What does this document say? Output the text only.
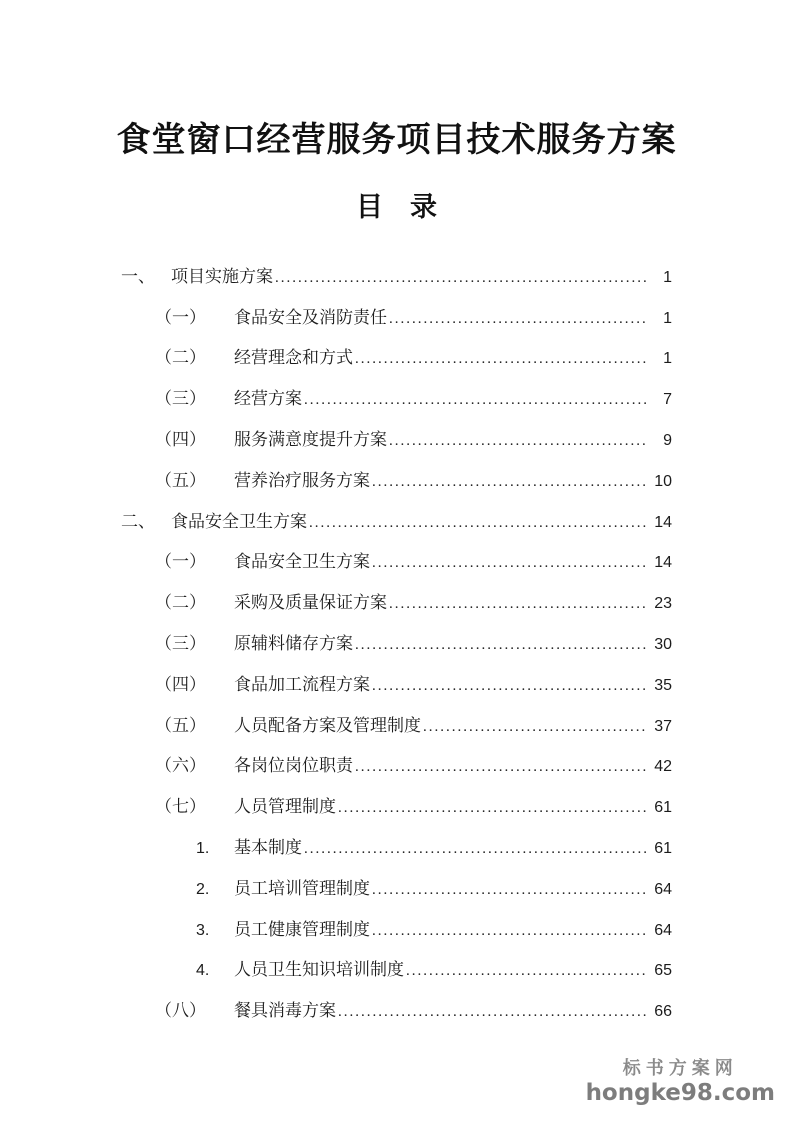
食堂窗口经营服务项目技术服务方案
目　录
一、 项目实施方案 .....	1
（一）	食品安全及消防责任 .....	1
（二）	经营理念和方式 .....	1
（三）	经营方案 .....	7
（四）	服务满意度提升方案 .....	9
（五）	营养治疗服务方案 .....	10
二、 食品安全卫生方案 .....	14
（一）	食品安全卫生方案 .....	14
（二）	采购及质量保证方案 .....	23
（三）	原辅料储存方案 .....	30
（四）	食品加工流程方案 .....	35
（五）	人员配备方案及管理制度 .....	37
（六）	各岗位岗位职责 .....	42
（七）	人员管理制度 .....	61
1.	基本制度 .....	61
2.	员工培训管理制度 .....	64
3.	员工健康管理制度 .....	64
4.	人员卫生知识培训制度 .....	65
（八）	餐具消毒方案 .....	66
标书方案网
hongke98.com
